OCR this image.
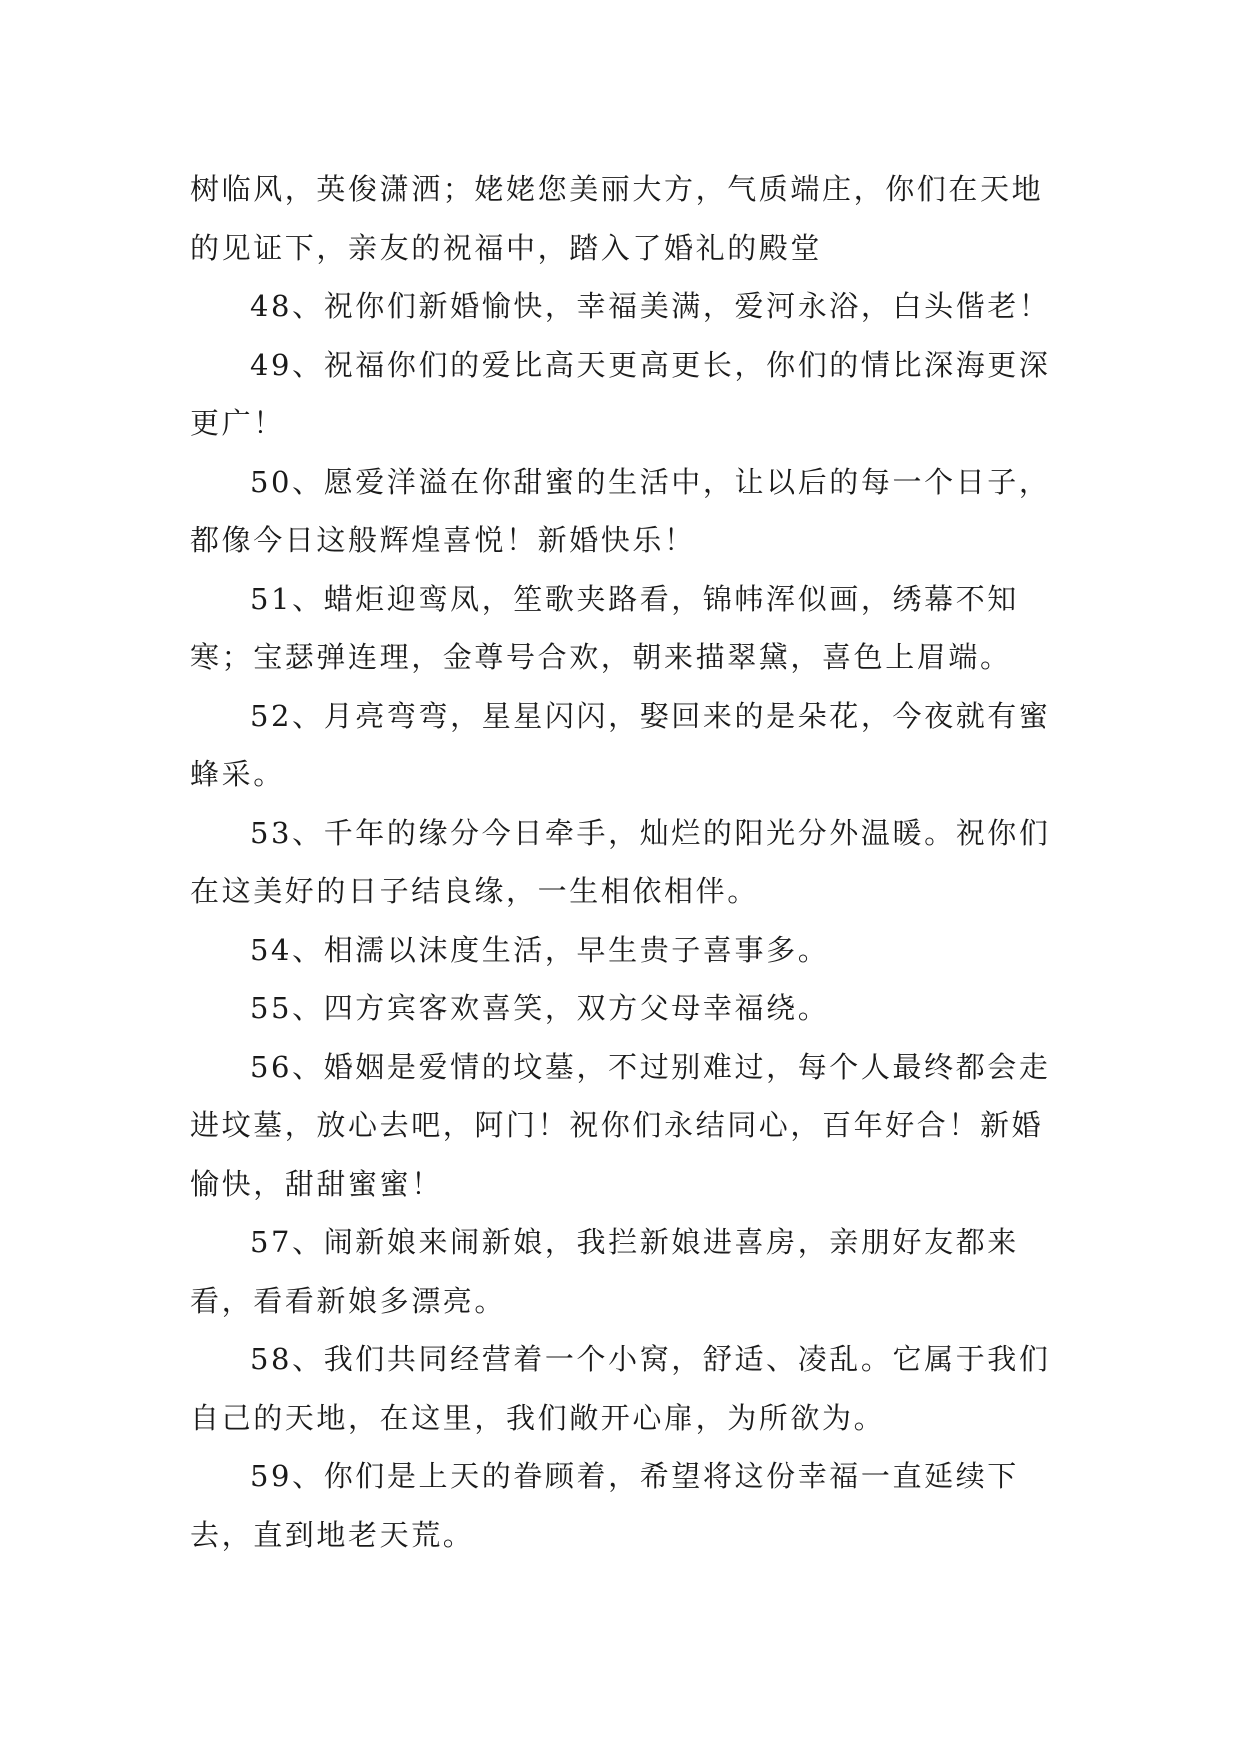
树临风，英俊潇洒；姥姥您美丽大方，气质端庄，你们在天地的见证下，亲友的祝福中，踏入了婚礼的殿堂

48、祝你们新婚愉快，幸福美满，爱河永浴，白头偕老！

49、祝福你们的爱比高天更高更长，你们的情比深海更深更广！

50、愿爱洋溢在你甜蜜的生活中，让以后的每一个日子，都像今日这般辉煌喜悦！新婚快乐！

51、蜡炬迎鸾凤，笙歌夹路看，锦帏浑似画，绣幕不知寒；宝瑟弹连理，金尊号合欢，朝来描翠黛，喜色上眉端。

52、月亮弯弯，星星闪闪，娶回来的是朵花，今夜就有蜜蜂采。

53、千年的缘分今日牵手，灿烂的阳光分外温暖。祝你们在这美好的日子结良缘，一生相依相伴。

54、相濡以沫度生活，早生贵子喜事多。

55、四方宾客欢喜笑，双方父母幸福绕。

56、婚姻是爱情的坟墓，不过别难过，每个人最终都会走进坟墓，放心去吧，阿门！祝你们永结同心，百年好合！新婚愉快，甜甜蜜蜜！

57、闹新娘来闹新娘，我拦新娘进喜房，亲朋好友都来看，看看新娘多漂亮。

58、我们共同经营着一个小窝，舒适、凌乱。它属于我们自己的天地，在这里，我们敞开心扉，为所欲为。

59、你们是上天的眷顾着，希望将这份幸福一直延续下去，直到地老天荒。
